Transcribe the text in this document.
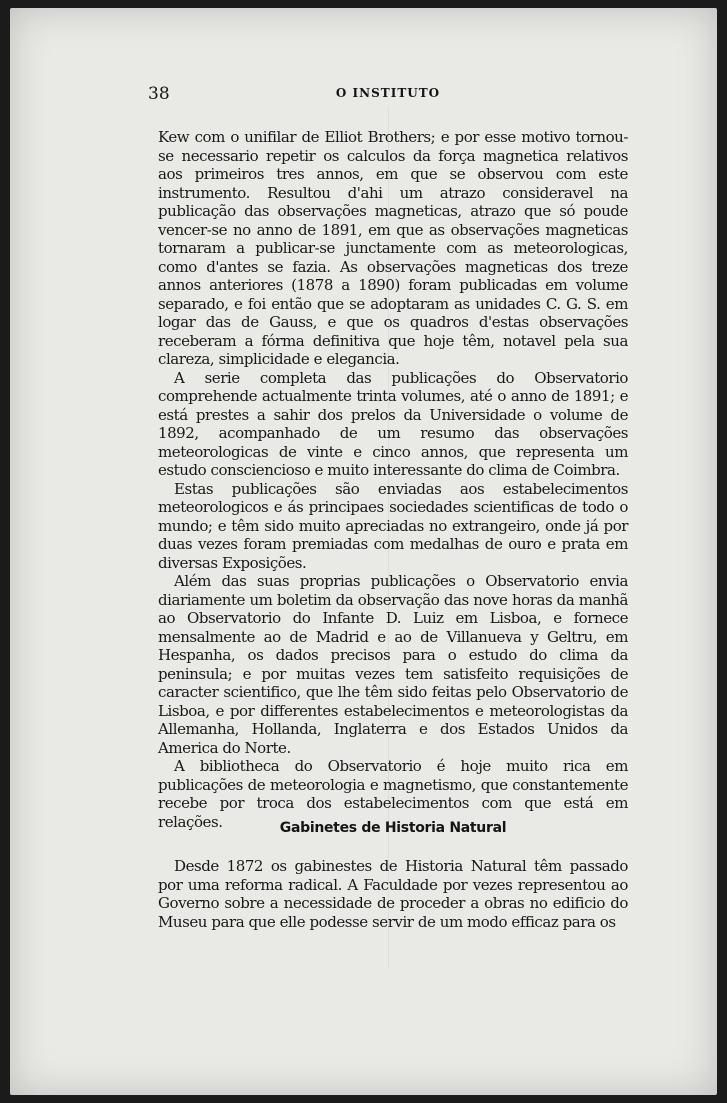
38	O INSTITUTO

Kew com o unifilar de Elliot Brothers; e por esse motivo tornou-se necessario repetir os calculos da força magnetica relativos aos primeiros tres annos, em que se observou com este instrumento. Resultou d'ahi um atrazo consideravel na publicação das observações magneticas, atrazo que só poude vencer-se no anno de 1891, em que as observações magneticas tornaram a publicar-se junctamente com as meteorologicas, como d'antes se fazia. As observações magneticas dos treze annos anteriores (1878 a 1890) foram publicadas em volume separado, e foi então que se adoptaram as unidades C. G. S. em logar das de Gauss, e que os quadros d'estas observações receberam a fórma definitiva que hoje têm, notavel pela sua clareza, simplicidade e elegancia.

A serie completa das publicações do Observatorio comprehende actualmente trinta volumes, até o anno de 1891; e está prestes a sahir dos prelos da Universidade o volume de 1892, acompanhado de um resumo das observações meteorologicas de vinte e cinco annos, que representa um estudo consciencioso e muito interessante do clima de Coimbra.

Estas publicações são enviadas aos estabelecimentos meteorologicos e ás principaes sociedades scientificas de todo o mundo; e têm sido muito apreciadas no extrangeiro, onde já por duas vezes foram premiadas com medalhas de ouro e prata em diversas Exposições.

Além das suas proprias publicações o Observatorio envia diariamente um boletim da observação das nove horas da manhã ao Observatorio do Infante D. Luiz em Lisboa, e fornece mensalmente ao de Madrid e ao de Villanueva y Geltru, em Hespanha, os dados precisos para o estudo do clima da peninsula; e por muitas vezes tem satisfeito requisições de caracter scientifico, que lhe têm sido feitas pelo Observatorio de Lisboa, e por differentes estabelecimentos e meteorologistas da Allemanha, Hollanda, Inglaterra e dos Estados Unidos da America do Norte.

A bibliotheca do Observatorio é hoje muito rica em publicações de meteorologia e magnetismo, que constantemente recebe por troca dos estabelecimentos com que está em relações.	Gabinetes de Historia Natural

Desde 1872 os gabinestes de Historia Natural têm passado por uma reforma radical. A Faculdade por vezes representou ao Governo sobre a necessidade de proceder a obras no edificio do Museu para que elle podesse servir de um modo efficaz para os
